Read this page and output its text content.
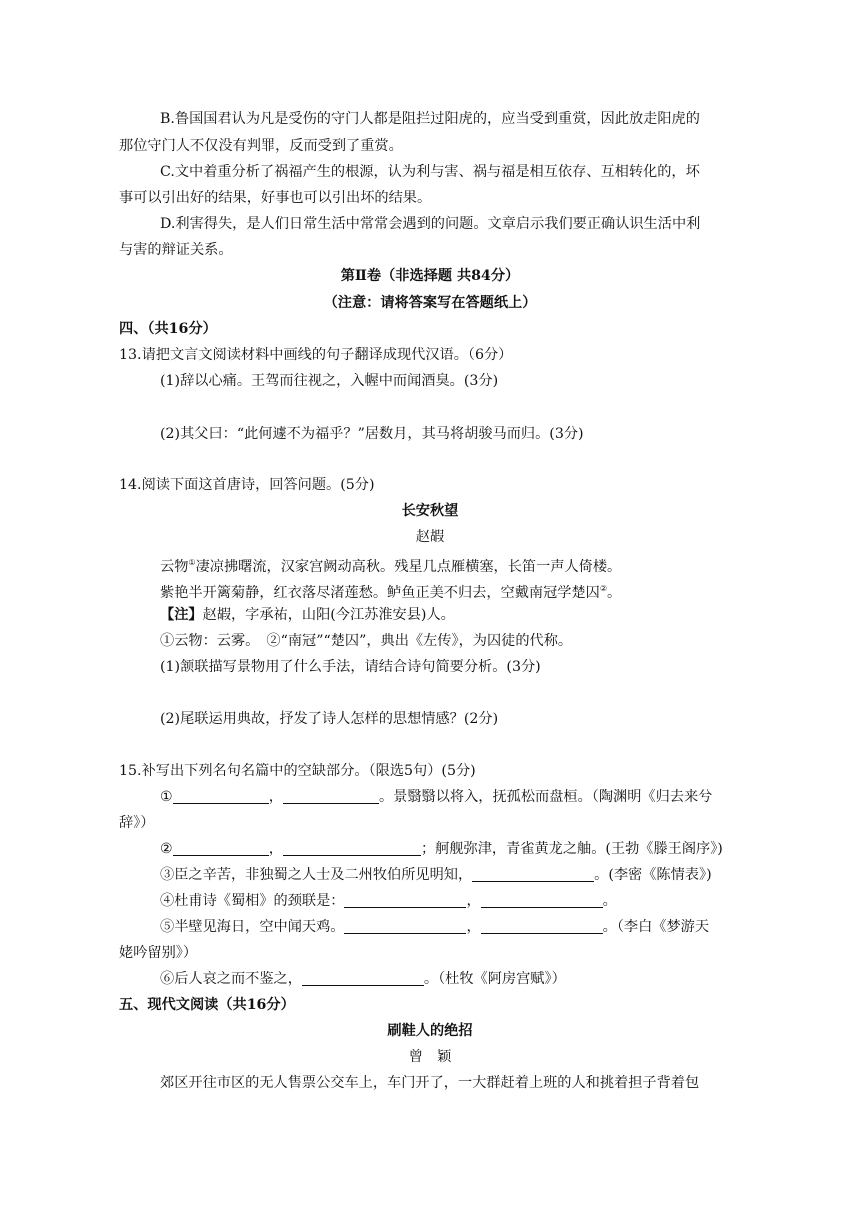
B.鲁国国君认为凡是受伤的守门人都是阻拦过阳虎的，应当受到重赏，因此放走阳虎的
那位守门人不仅没有判罪，反而受到了重赏。
C.文中着重分析了祸福产生的根源，认为利与害、祸与福是相互依存、互相转化的，坏
事可以引出好的结果，好事也可以引出坏的结果。
D.利害得失，是人们日常生活中常常会遇到的问题。文章启示我们要正确认识生活中利
与害的辩证关系。
第Ⅱ卷（非选择题 共84分）
（注意：请将答案写在答题纸上）
四、（共16分）
13.请把文言文阅读材料中画线的句子翻译成现代汉语。（6分）
(1)辞以心痛。王驾而往视之，入幄中而闻酒臭。(3分)
(2)其父曰：“此何遽不为福乎？”居数月，其马将胡骏马而归。(3分)
14.阅读下面这首唐诗，回答问题。(5分)
长安秋望
赵嘏
云物①凄凉拂曙流，汉家宫阙动高秋。残星几点雁横塞，长笛一声人倚楼。
紫艳半开篱菊静，红衣落尽渚莲愁。鲈鱼正美不归去，空戴南冠学楚囚②。
【注】赵嘏，字承祐，山阳(今江苏淮安县)人。
①云物：云雾。　②“南冠”“楚囚”，典出《左传》，为囚徒的代称。
(1)颔联描写景物用了什么手法，请结合诗句简要分析。(3分)
(2)尾联运用典故，抒发了诗人怎样的思想情感？(2分)
15.补写出下列名句名篇中的空缺部分。（限选5句）(5分)
①	，	。景翳翳以将入，抚孤松而盘桓。（陶渊明《归去来兮
辞》）
②	，	；舸舰弥津，青雀黄龙之舳。(王勃《滕王阁序》)
③臣之辛苦，非独蜀之人士及二州牧伯所见明知，	。(李密《陈情表》)
④杜甫诗《蜀相》的颈联是：	，	。
⑤半壁见海日，空中闻天鸡。	，	。（李白《梦游天
姥吟留别》）
⑥后人哀之而不鉴之，	。（杜牧《阿房宫赋》）
五、现代文阅读（共16分）
刷鞋人的绝招
曾　颖
郊区开往市区的无人售票公交车上，车门开了，一大群赶着上班的人和挑着担子背着包
